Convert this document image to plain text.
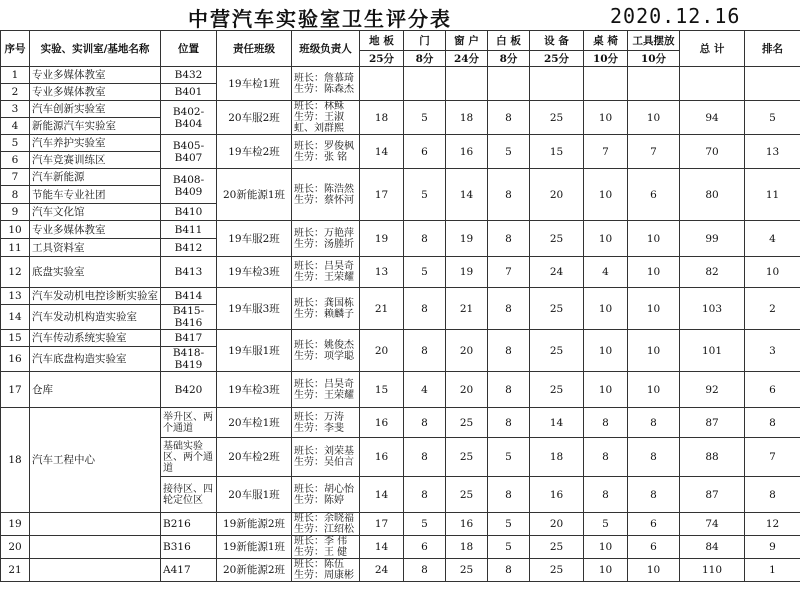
中营汽车实验室卫生评分表	2020.12.16
序号	实验、实训室/基地名称	位置	责任班级	班级负责人	地 板	门	窗 户	白 板	设 备	桌 椅	工具摆放	总 计	排名
					25分	8分	24分	8分	25分	10分	10分		
1	专业多媒体教室	B432	19车检1班	班长：詹慕琦
生劳：陈森杰									
2	专业多媒体教室	B401											
3	汽车创新实验室	B402-B404	20车服2班	班长：林稣
生劳：王淑虹、刘群熙	18	5	18	8	25	10	10	94	5
4	新能源汽车实验室												
5	汽车养护实验室	B405-B407	19车检2班	班长：罗俊枫
生劳：张 铭	14	6	16	5	15	7	7	70	13
6	汽车竞赛训练区												
7	汽车新能源	B408-B409	20新能源1班	班长：陈浩然
生劳：蔡怀河	17	5	14	8	20	10	6	80	11
8	节能车专业社团												
9	汽车文化馆	B410											
10	专业多媒体教室	B411	19车服2班	班长：万艳萍
生劳：汤塍圻	19	8	19	8	25	10	10	99	4
11	工具资料室	B412											
12	底盘实验室	B413	19车检3班	班长：吕昊奇
生劳：王荣耀	13	5	19	7	24	4	10	82	10
13	汽车发动机电控诊断实验室	B414	19车服3班	班长：龚国栋
生劳：赖麟子	21	8	21	8	25	10	10	103	2
14	汽车发动机构造实验室	B415-B416											
15	汽车传动系统实验室	B417	19车服1班	班长：姚俊杰
生劳：项学聪	20	8	20	8	25	10	10	101	3
16	汽车底盘构造实验室	B418-B419											
17	仓库	B420	19车检3班	班长：吕昊奇
生劳：王荣耀	15	4	20	8	25	10	10	92	6
18	汽车工程中心	举升区、两个通道	20车检1班	班长：万涛
生劳：李斐	16	8	25	8	14	8	8	87	8
		基础实验区、两个通道	20车检2班	班长：刘荣基
生劳：吴伯言	16	8	25	5	18	8	8	88	7
		接待区、四轮定位区	20车服1班	班长：胡心怡
生劳：陈婷	14	8	25	8	16	8	8	87	8
19		B216	19新能源2班	班长：余晓福
生劳：江绍松	17	5	16	5	20	5	6	74	12
20		B316	19新能源1班	班长：李 伟
生劳：王 健	14	6	18	5	25	10	6	84	9
21		A417	20新能源2班	班长：陈伍
生劳：周康彬	24	8	25	8	25	10	10	110	1
